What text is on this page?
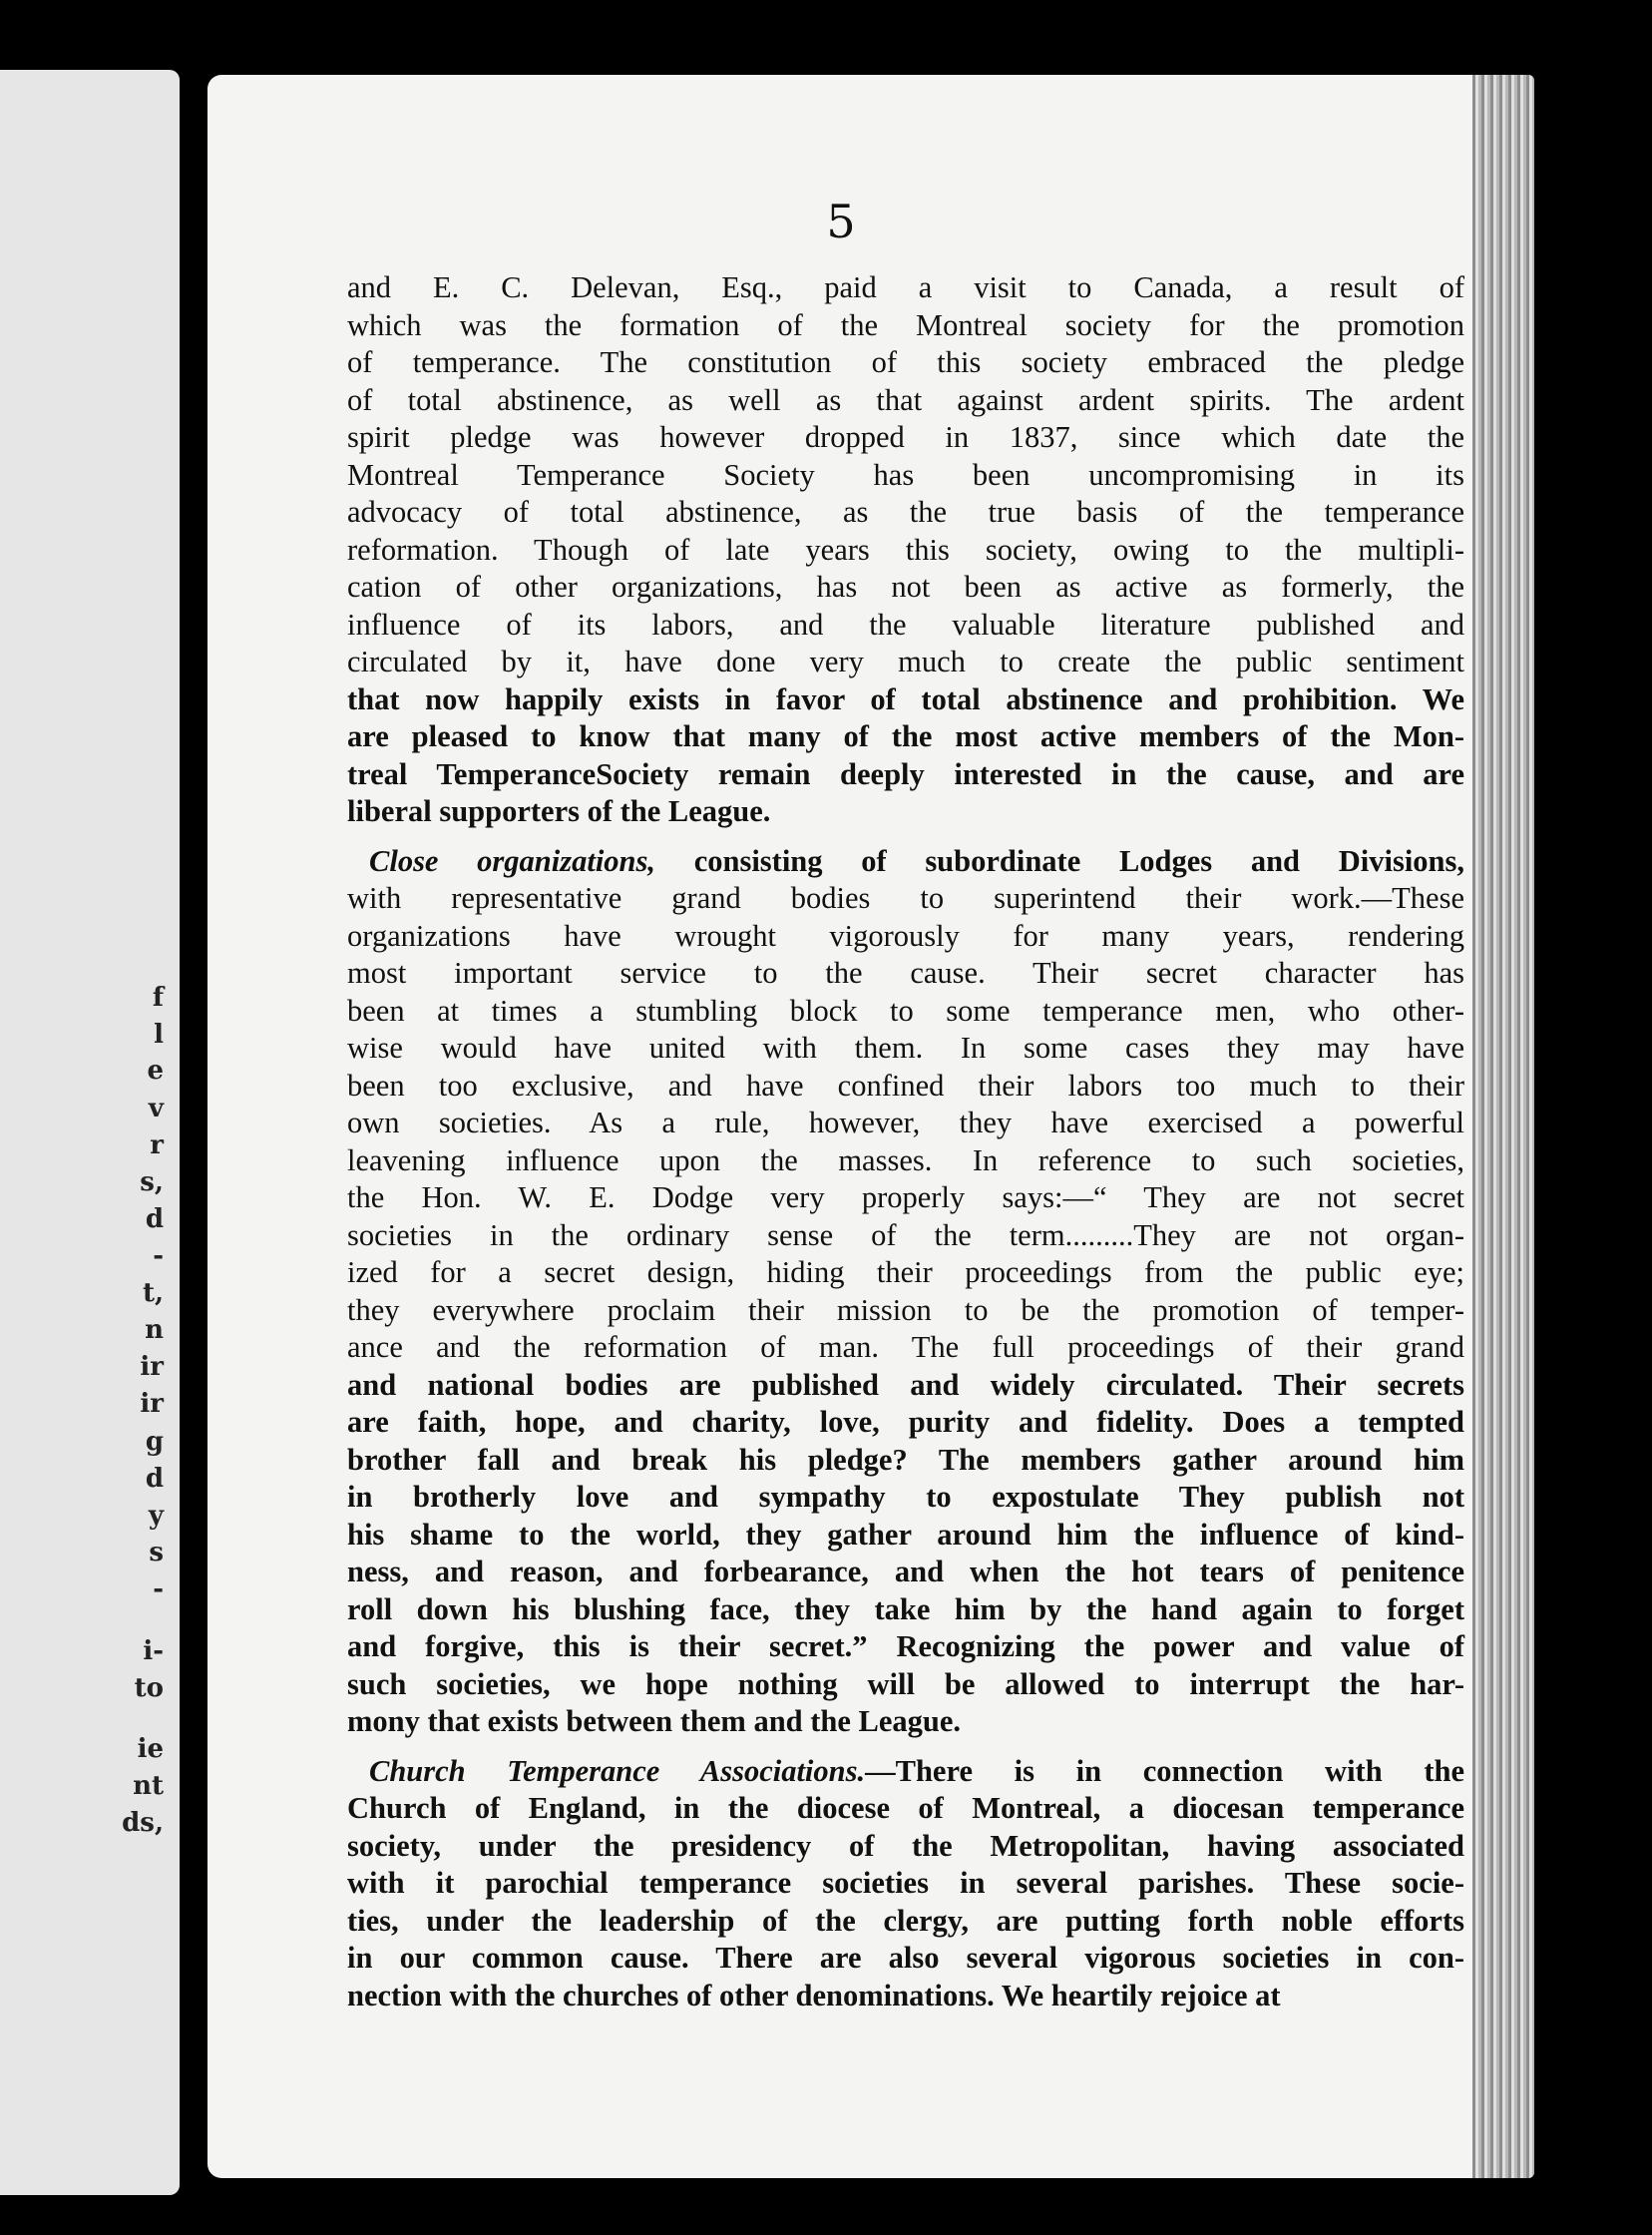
f
l
e
v
r
s,
d
-
t,
n
ir
ir
g
d
y
s
-
i-
to
ie
nt
ds,
5
and E. C. Delevan, Esq., paid a visit to Canada, a result of
which was the formation of the Montreal society for the promotion
of temperance. The constitution of this society embraced the pledge
of total abstinence, as well as that against ardent spirits. The ardent
spirit pledge was however dropped in 1837, since which date the
Montreal Temperance Society has been uncompromising in its
advocacy of total abstinence, as the true basis of the temperance
reformation. Though of late years this society, owing to the multipli-
cation of other organizations, has not been as active as formerly, the
influence of its labors, and the valuable literature published and
circulated by it, have done very much to create the public sentiment
that now happily exists in favor of total abstinence and prohibition. We
are pleased to know that many of the most active members of the Mon-
treal TemperanceSociety remain deeply interested in the cause, and are
liberal supporters of the League.
Close organizations, consisting of subordinate Lodges and Divisions,
with representative grand bodies to superintend their work.—These
organizations have wrought vigorously for many years, rendering
most important service to the cause. Their secret character has
been at times a stumbling block to some temperance men, who other-
wise would have united with them. In some cases they may have
been too exclusive, and have confined their labors too much to their
own societies. As a rule, however, they have exercised a powerful
leavening influence upon the masses. In reference to such societies,
the Hon. W. E. Dodge very properly says:—“ They are not secret
societies in the ordinary sense of the term.........They are not organ-
ized for a secret design, hiding their proceedings from the public eye;
they everywhere proclaim their mission to be the promotion of temper-
ance and the reformation of man. The full proceedings of their grand
and national bodies are published and widely circulated. Their secrets
are faith, hope, and charity, love, purity and fidelity. Does a tempted
brother fall and break his pledge? The members gather around him
in brotherly love and sympathy to expostulate They publish not
his shame to the world, they gather around him the influence of kind-
ness, and reason, and forbearance, and when the hot tears of penitence
roll down his blushing face, they take him by the hand again to forget
and forgive, this is their secret.” Recognizing the power and value of
such societies, we hope nothing will be allowed to interrupt the har-
mony that exists between them and the League.
Church Temperance Associations.—There is in connection with the
Church of England, in the diocese of Montreal, a diocesan temperance
society, under the presidency of the Metropolitan, having associated
with it parochial temperance societies in several parishes. These socie-
ties, under the leadership of the clergy, are putting forth noble efforts
in our common cause. There are also several vigorous societies in con-
nection with the churches of other denominations. We heartily rejoice at
